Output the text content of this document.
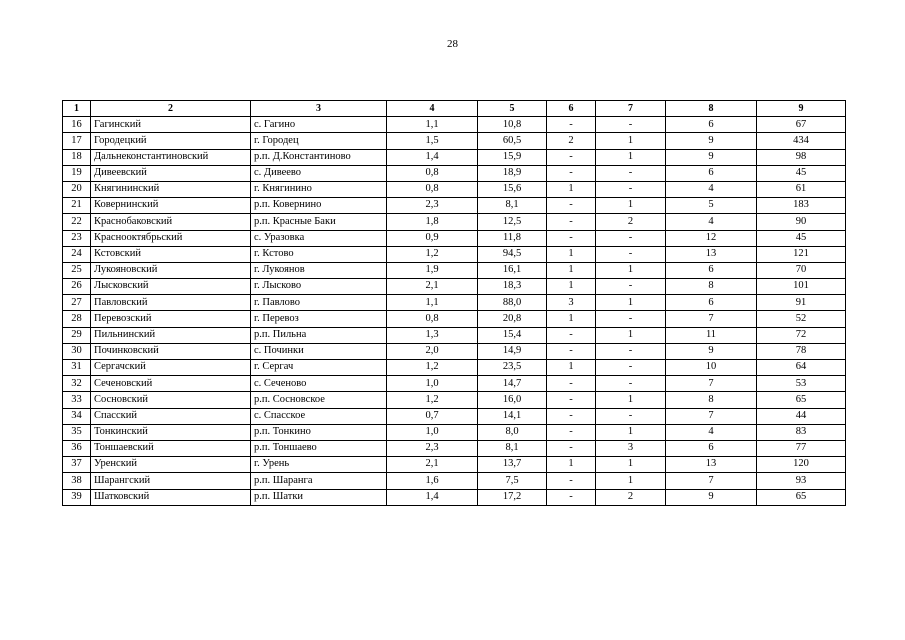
28
1	2	3	4	5	6	7	8	9
16	Гагинский	с. Гагино	1,1	10,8	-	-	6	67
17	Городецкий	г. Городец	1,5	60,5	2	1	9	434
18	Дальнеконстантиновский	р.п. Д.Константиново	1,4	15,9	-	1	9	98
19	Дивеевский	с. Дивеево	0,8	18,9	-	-	6	45
20	Княгининский	г. Княгинино	0,8	15,6	1	-	4	61
21	Ковернинский	р.п. Ковернино	2,3	8,1	-	1	5	183
22	Краснобаковский	р.п. Красные Баки	1,8	12,5	-	2	4	90
23	Краснооктябрьский	с. Уразовка	0,9	11,8	-	-	12	45
24	Кстовский	г. Кстово	1,2	94,5	1	-	13	121
25	Лукояновский	г. Лукоянов	1,9	16,1	1	1	6	70
26	Лысковский	г. Лысково	2,1	18,3	1	-	8	101
27	Павловский	г. Павлово	1,1	88,0	3	1	6	91
28	Перевозский	г. Перевоз	0,8	20,8	1	-	7	52
29	Пильнинский	р.п. Пильна	1,3	15,4	-	1	11	72
30	Починковский	с. Починки	2,0	14,9	-	-	9	78
31	Сергачский	г. Сергач	1,2	23,5	1	-	10	64
32	Сеченовский	с. Сеченово	1,0	14,7	-	-	7	53
33	Сосновский	р.п. Сосновское	1,2	16,0	-	1	8	65
34	Спасский	с. Спасское	0,7	14,1	-	-	7	44
35	Тонкинский	р.п. Тонкино	1,0	8,0	-	1	4	83
36	Тоншаевский	р.п. Тоншаево	2,3	8,1	-	3	6	77
37	Уренский	г. Урень	2,1	13,7	1	1	13	120
38	Шарангский	р.п. Шаранга	1,6	7,5	-	1	7	93
39	Шатковский	р.п. Шатки	1,4	17,2	-	2	9	65
